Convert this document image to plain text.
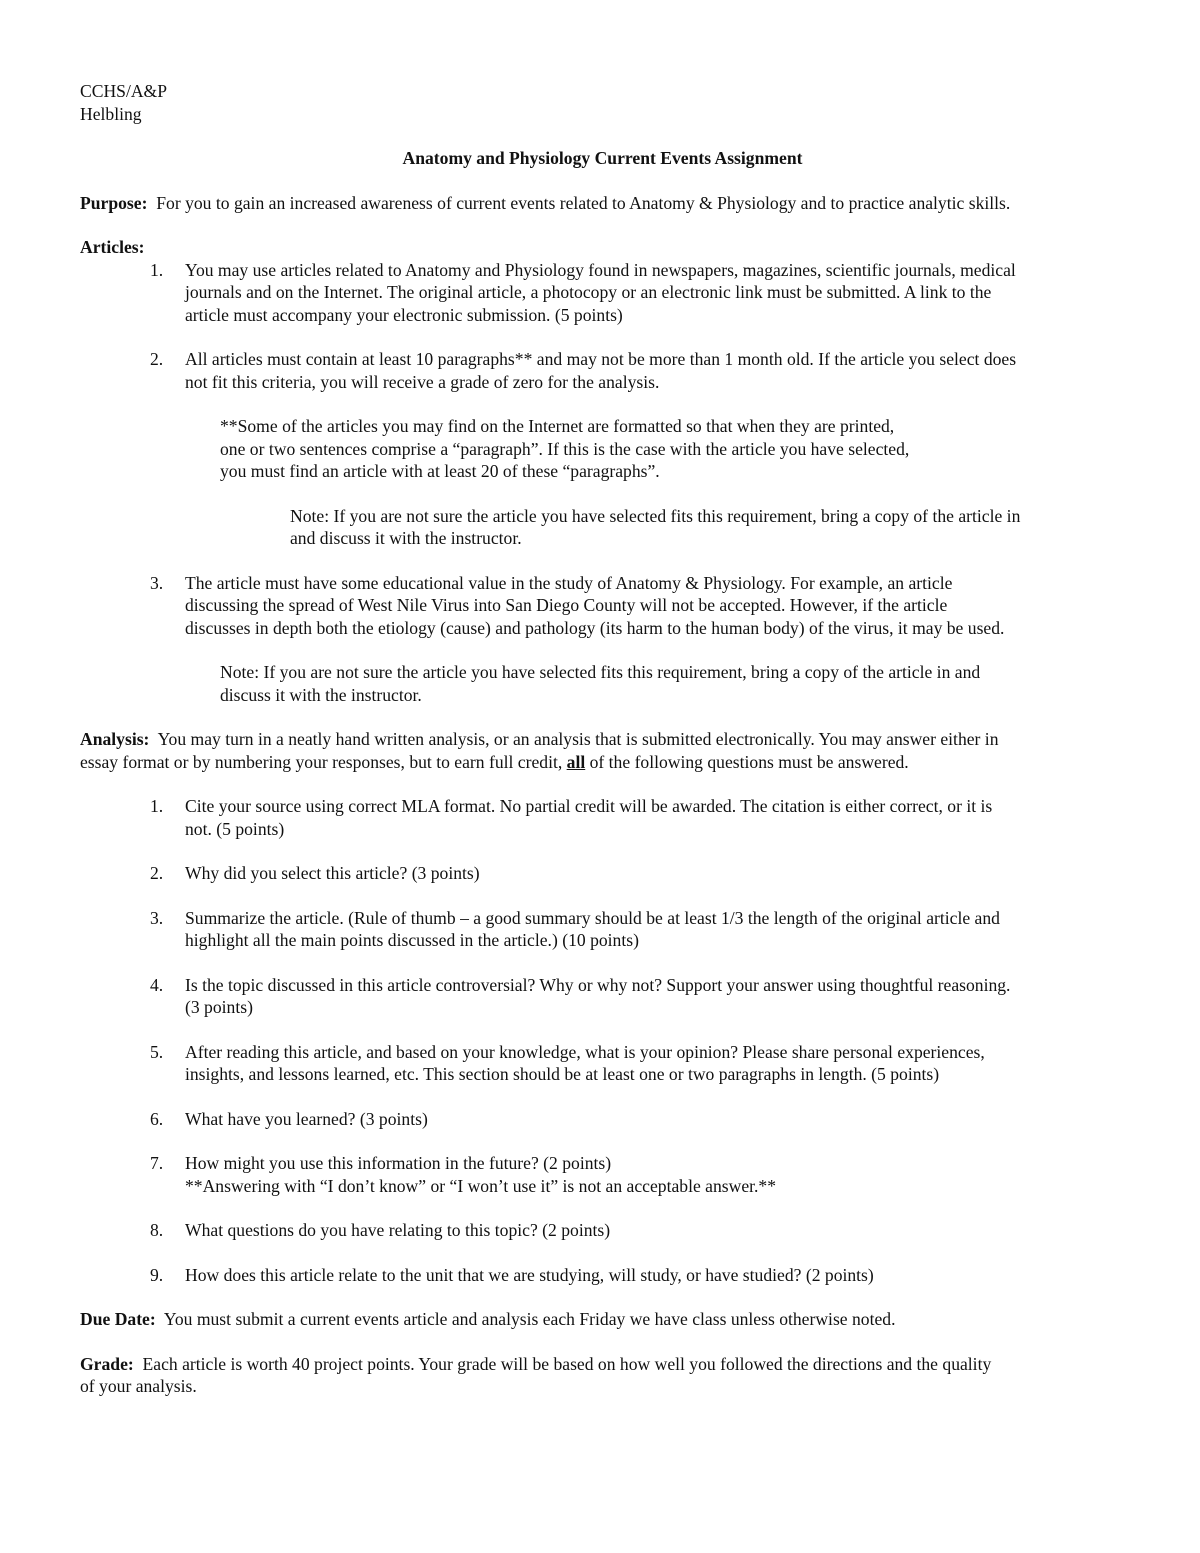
CCHS/A&P
Helbling
Anatomy and Physiology Current Events Assignment
Purpose: For you to gain an increased awareness of current events related to Anatomy & Physiology and to practice analytic skills.
Articles:
1. You may use articles related to Anatomy and Physiology found in newspapers, magazines, scientific journals, medical
journals and on the Internet. The original article, a photocopy or an electronic link must be submitted. A link to the
article must accompany your electronic submission. (5 points)
2. All articles must contain at least 10 paragraphs** and may not be more than 1 month old. If the article you select does
not fit this criteria, you will receive a grade of zero for the analysis.
**Some of the articles you may find on the Internet are formatted so that when they are printed,
one or two sentences comprise a “paragraph”. If this is the case with the article you have selected,
you must find an article with at least 20 of these “paragraphs”.
Note: If you are not sure the article you have selected fits this requirement, bring a copy of the article in
and discuss it with the instructor.
3. The article must have some educational value in the study of Anatomy & Physiology. For example, an article
discussing the spread of West Nile Virus into San Diego County will not be accepted. However, if the article
discusses in depth both the etiology (cause) and pathology (its harm to the human body) of the virus, it may be used.
Note: If you are not sure the article you have selected fits this requirement, bring a copy of the article in and
discuss it with the instructor.
Analysis: You may turn in a neatly hand written analysis, or an analysis that is submitted electronically. You may answer either in
essay format or by numbering your responses, but to earn full credit, all of the following questions must be answered.
1. Cite your source using correct MLA format. No partial credit will be awarded. The citation is either correct, or it is
not. (5 points)
2. Why did you select this article? (3 points)
3. Summarize the article. (Rule of thumb – a good summary should be at least 1/3 the length of the original article and
highlight all the main points discussed in the article.) (10 points)
4. Is the topic discussed in this article controversial? Why or why not? Support your answer using thoughtful reasoning.
(3 points)
5. After reading this article, and based on your knowledge, what is your opinion? Please share personal experiences,
insights, and lessons learned, etc. This section should be at least one or two paragraphs in length. (5 points)
6. What have you learned? (3 points)
7. How might you use this information in the future? (2 points)
**Answering with “I don’t know” or “I won’t use it” is not an acceptable answer.**
8. What questions do you have relating to this topic? (2 points)
9. How does this article relate to the unit that we are studying, will study, or have studied? (2 points)
Due Date: You must submit a current events article and analysis each Friday we have class unless otherwise noted.
Grade: Each article is worth 40 project points. Your grade will be based on how well you followed the directions and the quality
of your analysis.
